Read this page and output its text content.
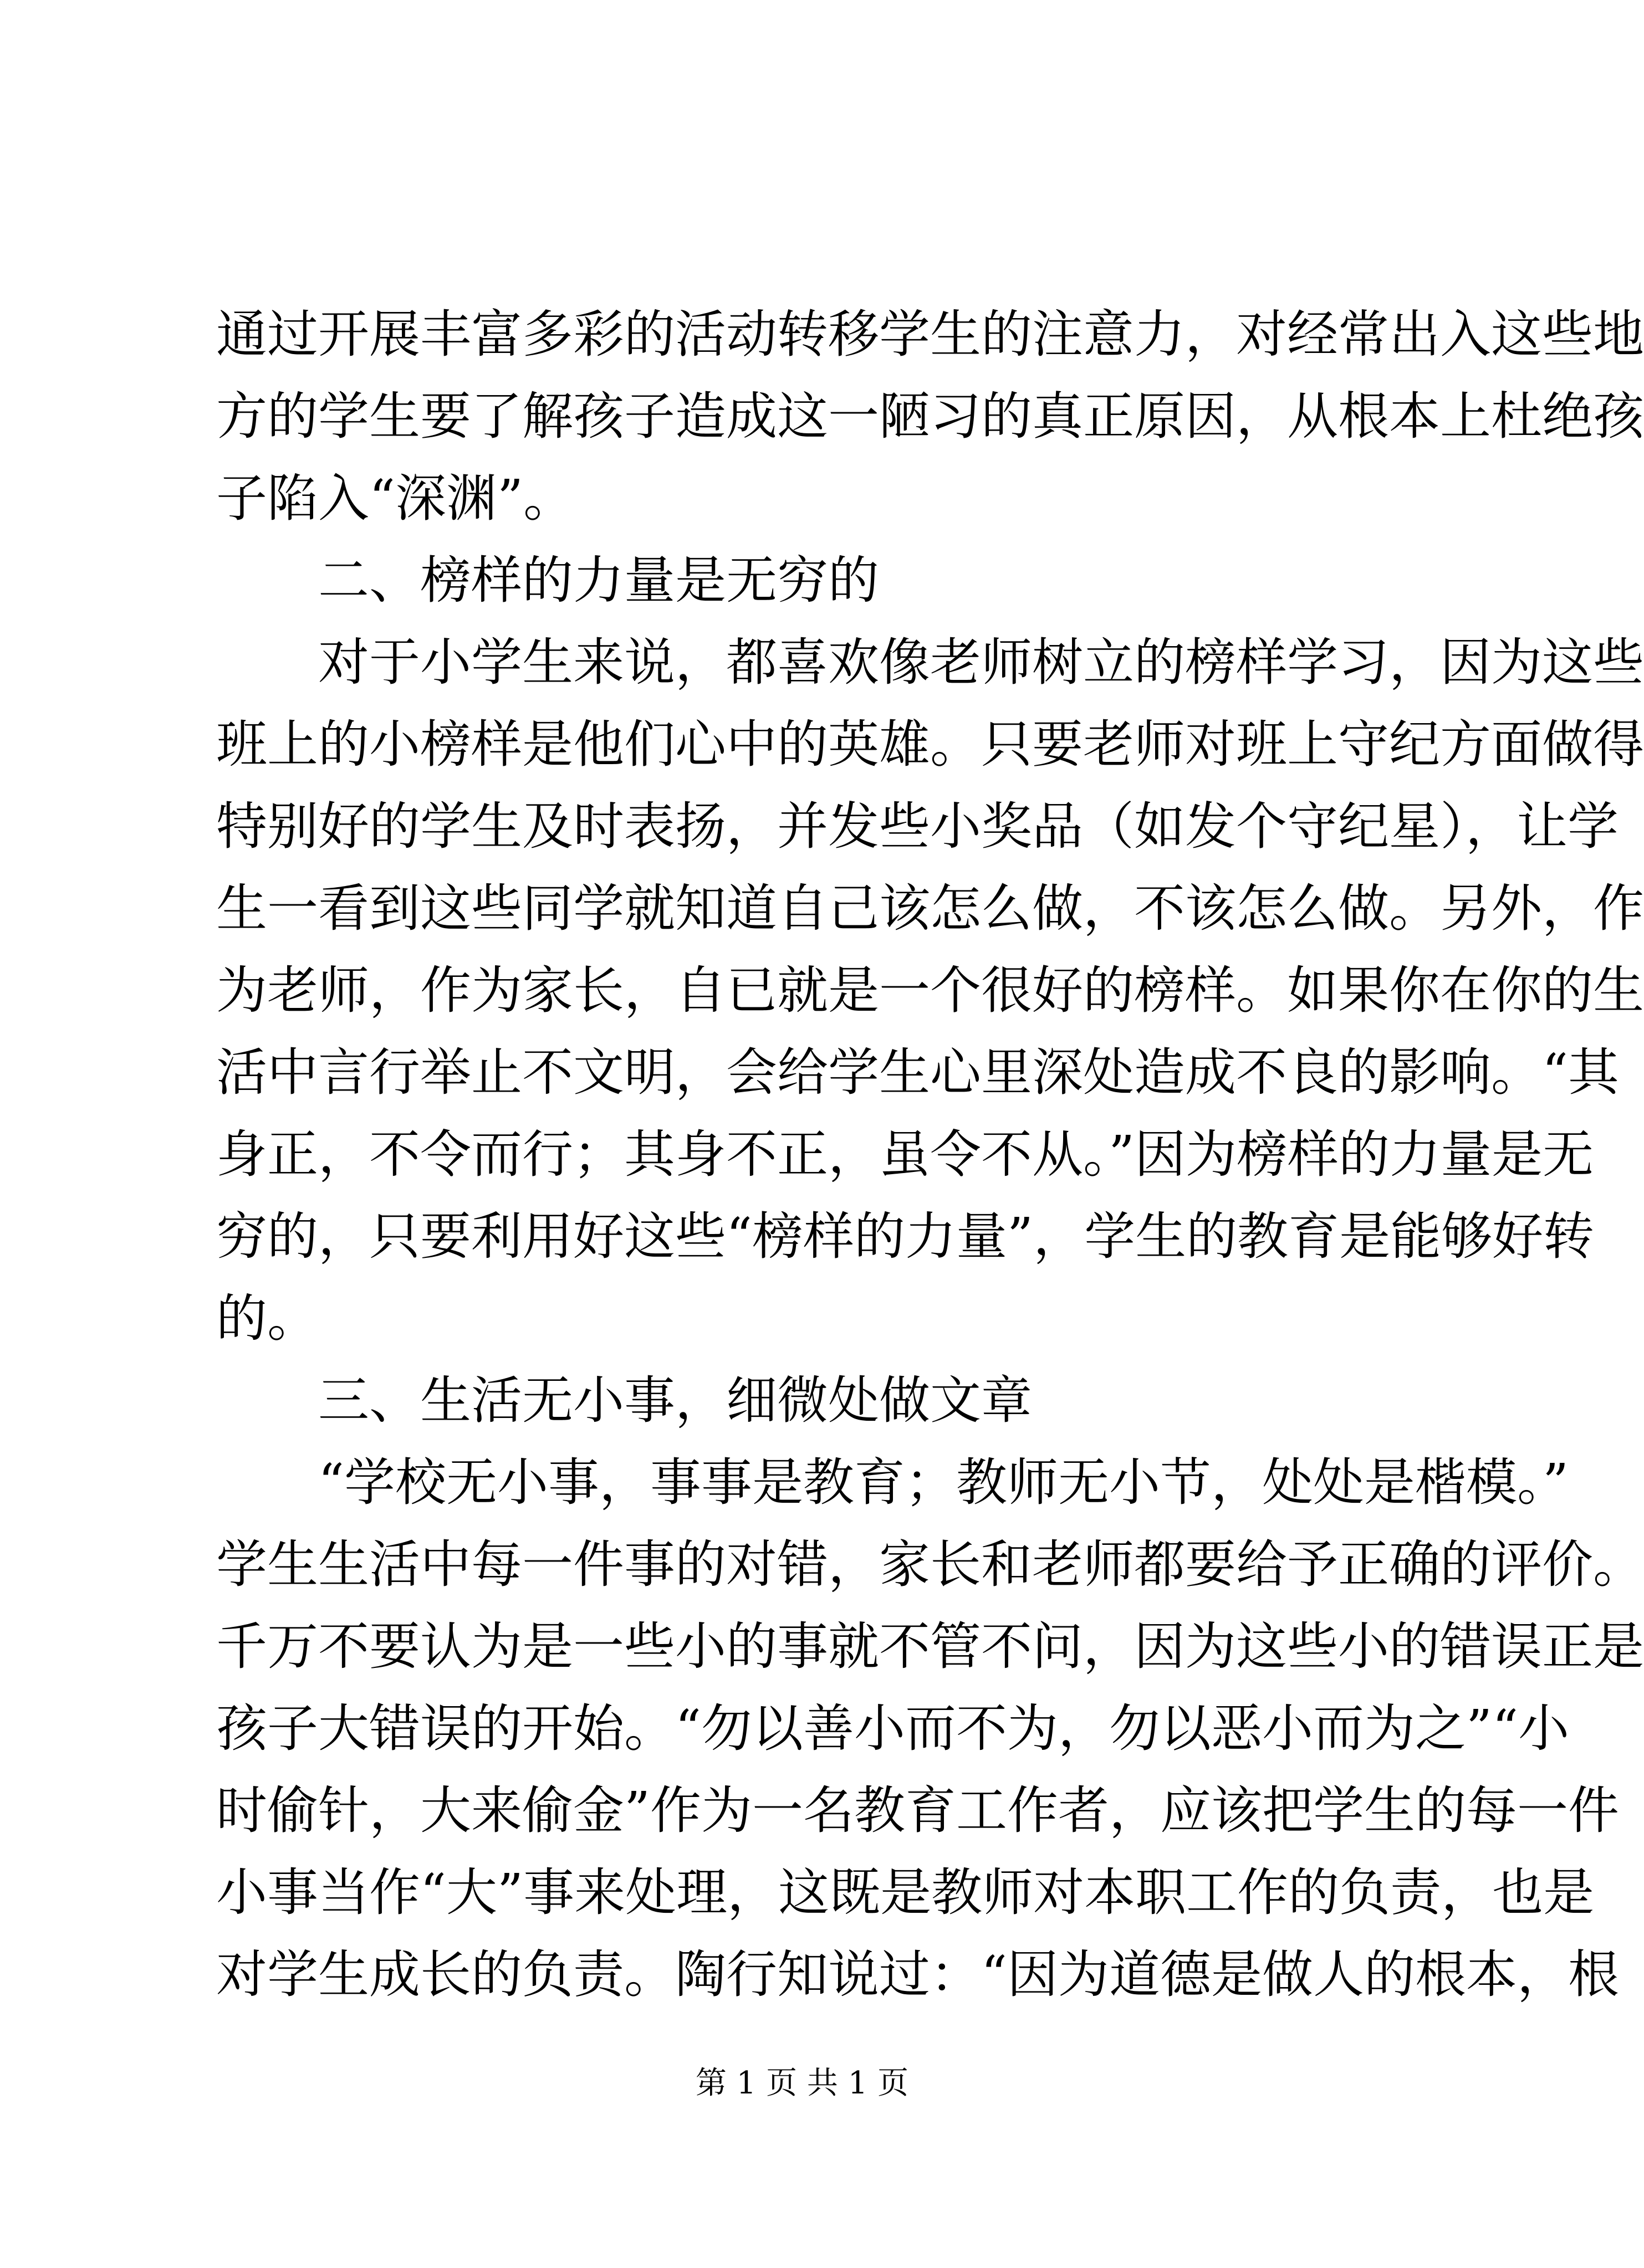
通过开展丰富多彩的活动转移学生的注意力，对经常出入这些地
方的学生要了解孩子造成这一陋习的真正原因，从根本上杜绝孩
子陷入“深渊”。
　　二、榜样的力量是无穷的
　　对于小学生来说，都喜欢像老师树立的榜样学习，因为这些
班上的小榜样是他们心中的英雄。只要老师对班上守纪方面做得
特别好的学生及时表扬，并发些小奖品（如发个守纪星），让学
生一看到这些同学就知道自己该怎么做，不该怎么做。另外，作
为老师，作为家长，自已就是一个很好的榜样。如果你在你的生
活中言行举止不文明，会给学生心里深处造成不良的影响。“其
身正，不令而行；其身不正，虽令不从。”因为榜样的力量是无
穷的，只要利用好这些“榜样的力量”，学生的教育是能够好转
的。
　　三、生活无小事，细微处做文章
　　“学校无小事，事事是教育；教师无小节，处处是楷模。”
学生生活中每一件事的对错，家长和老师都要给予正确的评价。
千万不要认为是一些小的事就不管不问，因为这些小的错误正是
孩子大错误的开始。“勿以善小而不为，勿以恶小而为之”“小
时偷针，大来偷金”作为一名教育工作者，应该把学生的每一件
小事当作“大”事来处理，这既是教师对本职工作的负责，也是
对学生成长的负责。陶行知说过：“因为道德是做人的根本，根
第 1 页 共 1 页
